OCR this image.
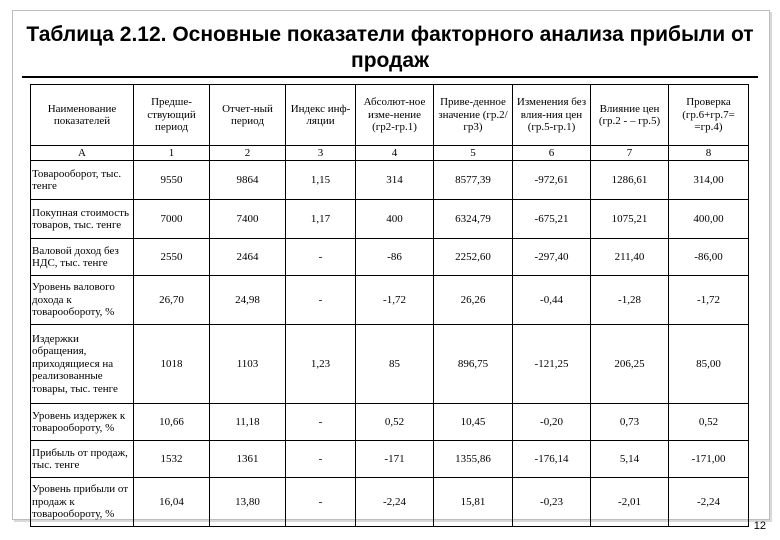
Таблица 2.12. Основные показатели факторного анализа прибыли от продаж
Наименование показателей	Предше-ствующий период	Отчет-ный период	Индекс инф-ляции	Абсолют-ное изме-нение (гр2-гр.1)	Приве-денное значение (гр.2/гр3)	Изменения без влия-ния цен (гр.5-гр.1)	Влияние цен (гр.2 - – гр.5)	Проверка (гр.6+гр.7= =гр.4)
А	1	2	3	4	5	6	7	8
Товарооборот, тыс. тенге	9550	9864	1,15	314	8577,39	-972,61	1286,61	314,00
Покупная стоимость товаров, тыс. тенге	7000	7400	1,17	400	6324,79	-675,21	1075,21	400,00
Валовой доход без НДС, тыс. тенге	2550	2464	-	-86	2252,60	-297,40	211,40	-86,00
Уровень валового дохода к товарообороту, %	26,70	24,98	-	-1,72	26,26	-0,44	-1,28	-1,72
Издержки обращения, приходящиеся на реализованные товары, тыс. тенге	1018	1103	1,23	85	896,75	-121,25	206,25	85,00
Уровень издержек к товарообороту, %	10,66	11,18	-	0,52	10,45	-0,20	0,73	0,52
Прибыль от продаж, тыс. тенге	1532	1361	-	-171	1355,86	-176,14	5,14	-171,00
Уровень прибыли от продаж к товарообороту, %	16,04	13,80	-	-2,24	15,81	-0,23	-2,01	-2,24
12
